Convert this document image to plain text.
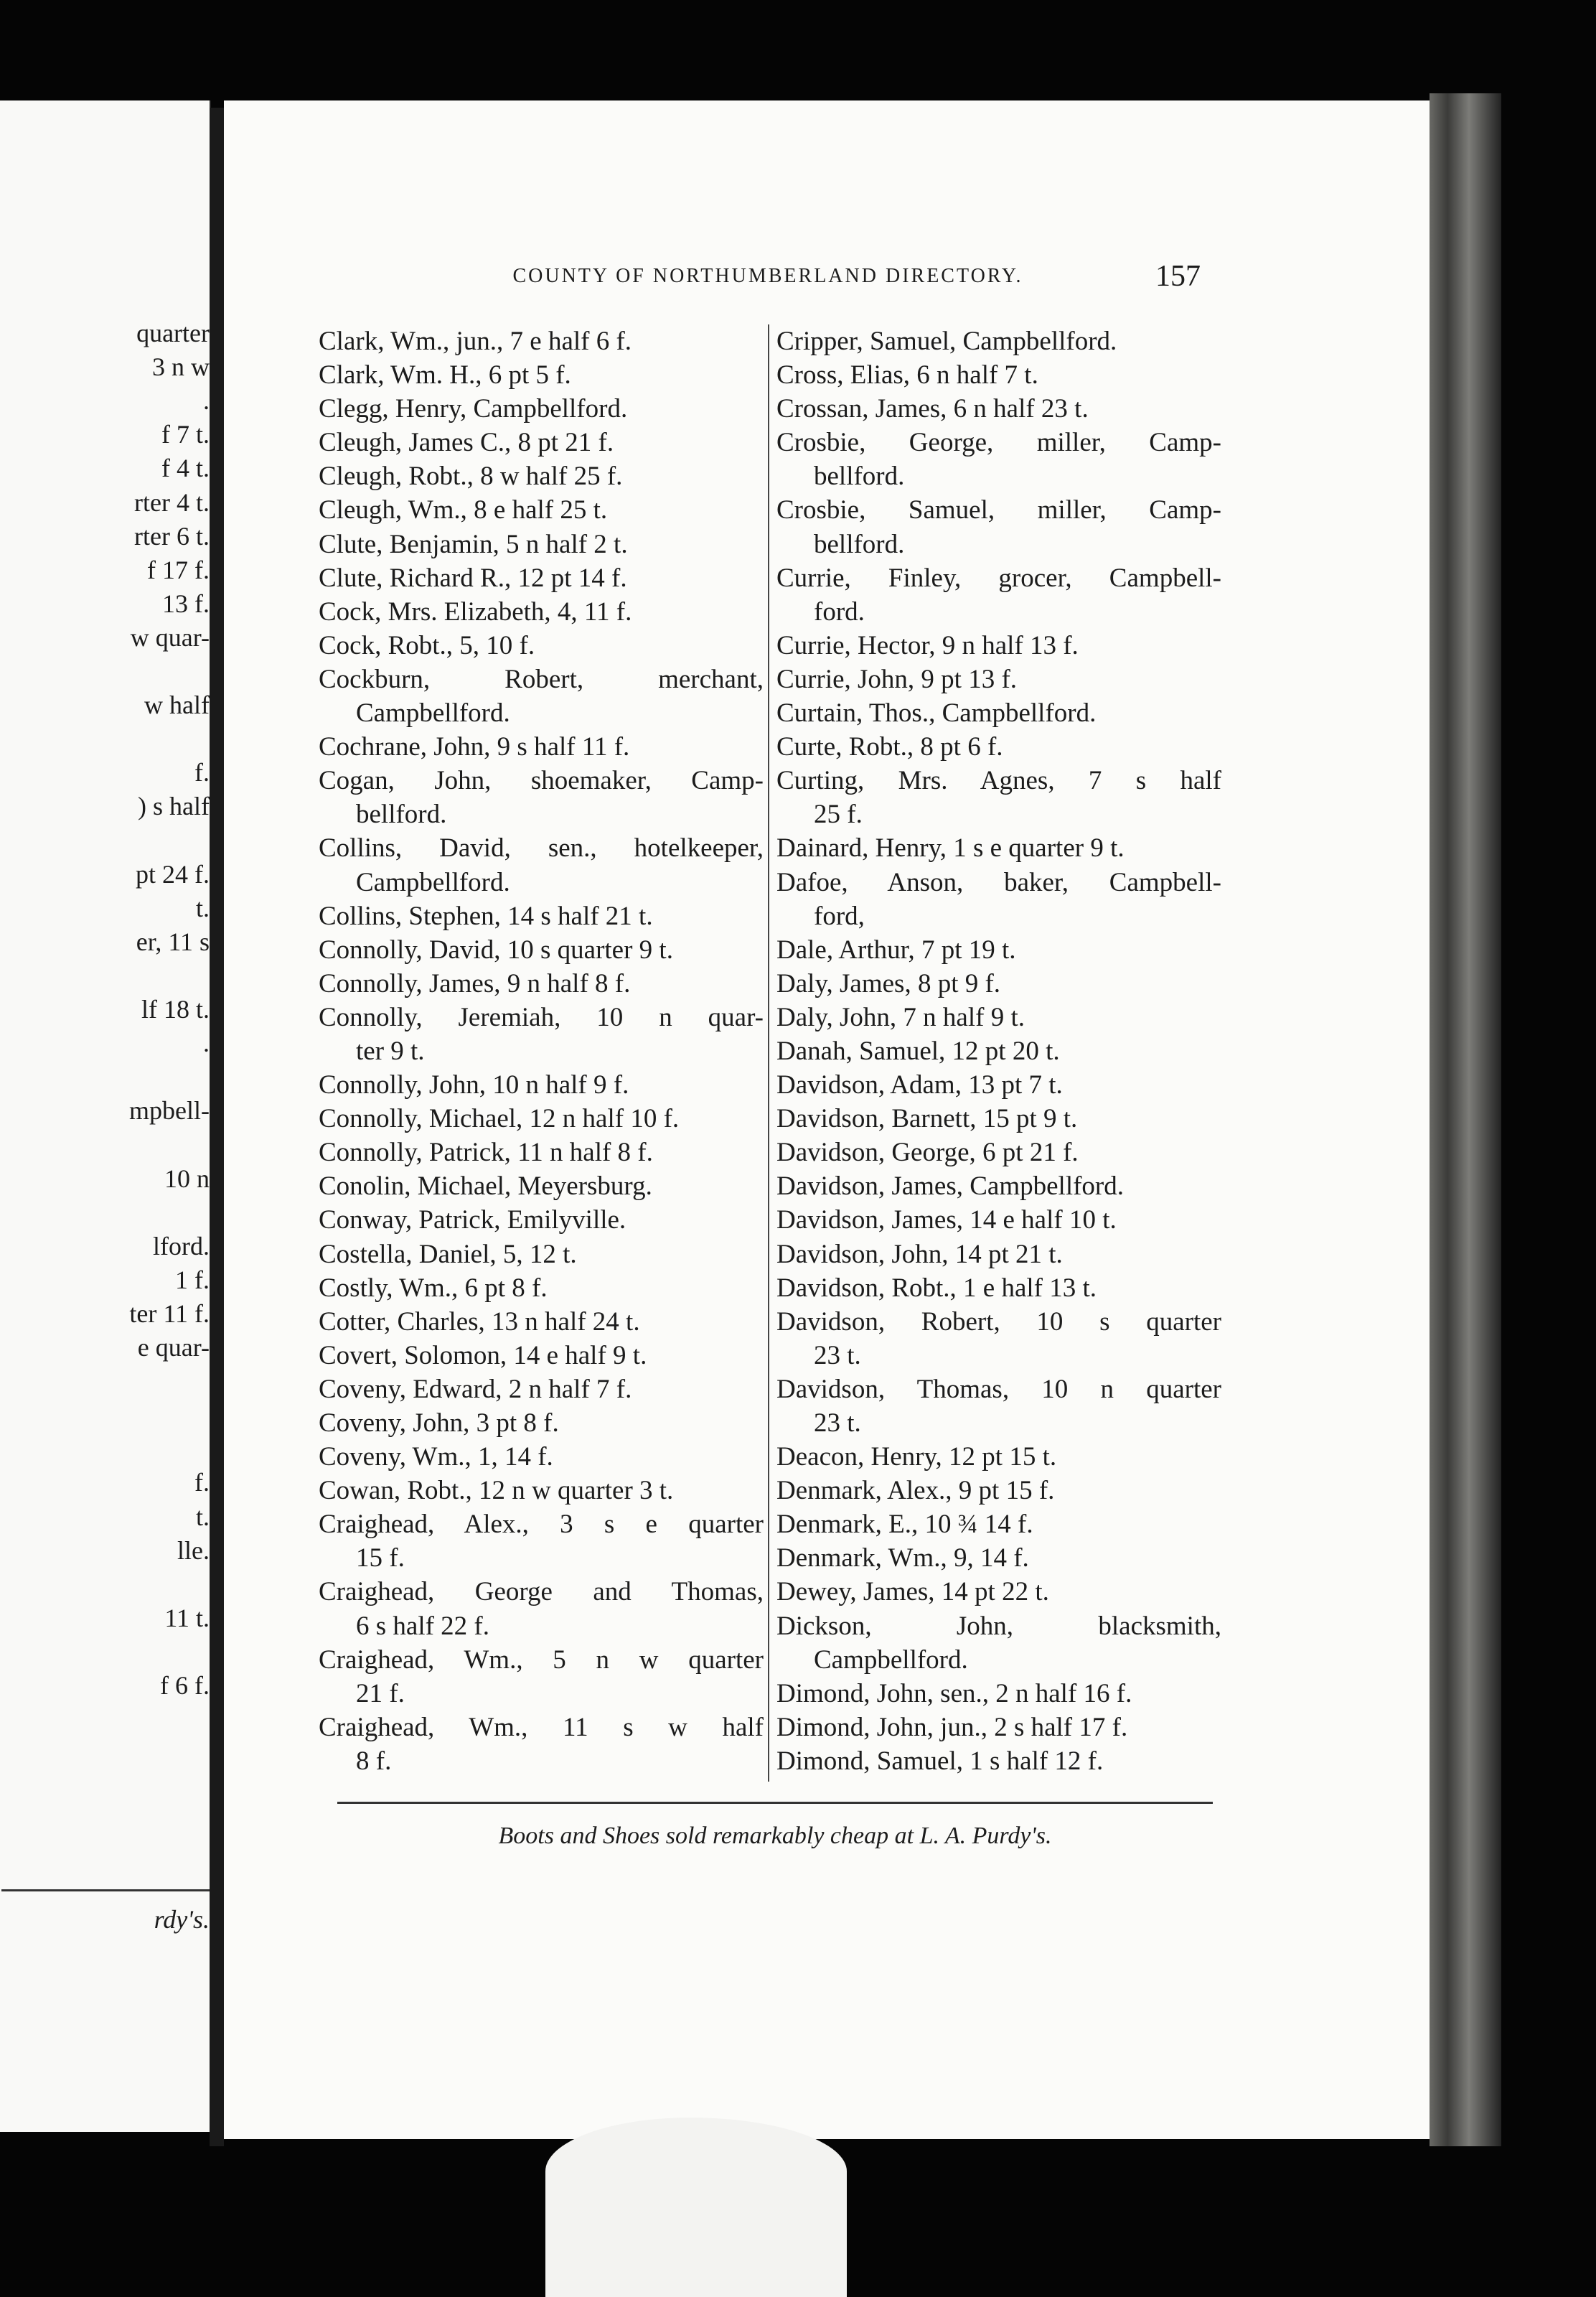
quarter
3 n w
.
f 7 t.
f 4 t.
rter 4 t.
rter 6 t.
f 17 f.
13 f.
w quar-
w half
f.
) s half
pt 24 f.
t.
er, 11 s
lf 18 t.
.
mpbell-
10 n
lford.
1 f.
ter 11 f.
e quar-
f.
t.
lle.
11 t.
f 6 f.
rdy's.
COUNTY OF NORTHUMBERLAND DIRECTORY.	157
Clark, Wm., jun., 7 e half 6 f.
Clark, Wm. H., 6 pt 5 f.
Clegg, Henry, Campbellford.
Cleugh, James C., 8 pt 21 f.
Cleugh, Robt., 8 w half 25 f.
Cleugh, Wm., 8 e half 25 t.
Clute, Benjamin, 5 n half 2 t.
Clute, Richard R., 12 pt 14 f.
Cock, Mrs. Elizabeth, 4, 11 f.
Cock, Robt., 5, 10 f.
Cockburn, Robert, merchant,
Campbellford.
Cochrane, John, 9 s half 11 f.
Cogan, John, shoemaker, Camp-
bellford.
Collins, David, sen., hotelkeeper,
Campbellford.
Collins, Stephen, 14 s half 21 t.
Connolly, David, 10 s quarter 9 t.
Connolly, James, 9 n half 8 f.
Connolly, Jeremiah, 10 n quar-
ter 9 t.
Connolly, John, 10 n half 9 f.
Connolly, Michael, 12 n half 10 f.
Connolly, Patrick, 11 n half 8 f.
Conolin, Michael, Meyersburg.
Conway, Patrick, Emilyville.
Costella, Daniel, 5, 12 t.
Costly, Wm., 6 pt 8 f.
Cotter, Charles, 13 n half 24 t.
Covert, Solomon, 14 e half 9 t.
Coveny, Edward, 2 n half 7 f.
Coveny, John, 3 pt 8 f.
Coveny, Wm., 1, 14 f.
Cowan, Robt., 12 n w quarter 3 t.
Craighead, Alex., 3 s e quarter
15 f.
Craighead, George and Thomas,
6 s half 22 f.
Craighead, Wm., 5 n w quarter
21 f.
Craighead, Wm., 11 s w half
8 f.
Cripper, Samuel, Campbellford.
Cross, Elias, 6 n half 7 t.
Crossan, James, 6 n half 23 t.
Crosbie, George, miller, Camp-
bellford.
Crosbie, Samuel, miller, Camp-
bellford.
Currie, Finley, grocer, Campbell-
ford.
Currie, Hector, 9 n half 13 f.
Currie, John, 9 pt 13 f.
Curtain, Thos., Campbellford.
Curte, Robt., 8 pt 6 f.
Curting, Mrs. Agnes, 7 s half
25 f.
Dainard, Henry, 1 s e quarter 9 t.
Dafoe, Anson, baker, Campbell-
ford,
Dale, Arthur, 7 pt 19 t.
Daly, James, 8 pt 9 f.
Daly, John, 7 n half 9 t.
Danah, Samuel, 12 pt 20 t.
Davidson, Adam, 13 pt 7 t.
Davidson, Barnett, 15 pt 9 t.
Davidson, George, 6 pt 21 f.
Davidson, James, Campbellford.
Davidson, James, 14 e half 10 t.
Davidson, John, 14 pt 21 t.
Davidson, Robt., 1 e half 13 t.
Davidson, Robert, 10 s quarter
23 t.
Davidson, Thomas, 10 n quarter
23 t.
Deacon, Henry, 12 pt 15 t.
Denmark, Alex., 9 pt 15 f.
Denmark, E., 10 ¾ 14 f.
Denmark, Wm., 9, 14 f.
Dewey, James, 14 pt 22 t.
Dickson, John, blacksmith,
Campbellford.
Dimond, John, sen., 2 n half 16 f.
Dimond, John, jun., 2 s half 17 f.
Dimond, Samuel, 1 s half 12 f.
Boots and Shoes sold remarkably cheap at L. A. Purdy's.
